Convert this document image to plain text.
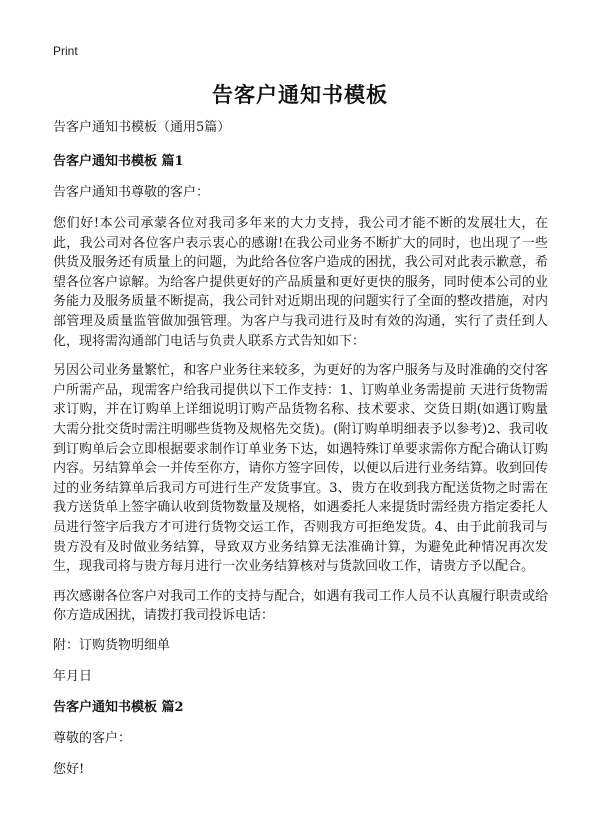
Print
告客户通知书模板
告客户通知书模板（通用5篇）
告客户通知书模板 篇1
告客户通知书尊敬的客户：
您们好!本公司承蒙各位对我司多年来的大力支持，我公司才能不断的发展壮大，在此，我公司对各位客户表示衷心的感谢!在我公司业务不断扩大的同时，也出现了一些供货及服务还有质量上的问题，为此给各位客户造成的困扰，我公司对此表示歉意，希望各位客户谅解。为给客户提供更好的产品质量和更好更快的服务，同时使本公司的业务能力及服务质量不断提高，我公司针对近期出现的问题实行了全面的整改措施，对内部管理及质量监管做加强管理。为客户与我司进行及时有效的沟通，实行了责任到人化，现将需沟通部门电话与负责人联系方式告知如下：
另因公司业务量繁忙，和客户业务往来较多，为更好的为客户服务与及时准确的交付客户所需产品，现需客户给我司提供以下工作支持：1、订购单业务需提前 天进行货物需求订购，并在订购单上详细说明订购产品货物名称、技术要求、交货日期(如遇订购量大需分批交货时需注明哪些货物及规格先交货)。(附订购单明细表予以参考)2、我司收到订购单后会立即根据要求制作订单业务下达，如遇特殊订单要求需你方配合确认订购内容。另结算单会一并传至你方，请你方签字回传，以便以后进行业务结算。收到回传过的业务结算单后我司方可进行生产发货事宜。3、贵方在收到我方配送货物之时需在我方送货单上签字确认收到货物数量及规格，如遇委托人来提货时需经贵方指定委托人员进行签字后我方才可进行货物交运工作，否则我方可拒绝发货。4、由于此前我司与贵方没有及时做业务结算，导致双方业务结算无法准确计算，为避免此种情况再次发生，现我司将与贵方每月进行一次业务结算核对与货款回收工作，请贵方予以配合。
再次感谢各位客户对我司工作的支持与配合，如遇有我司工作人员不认真履行职责或给你方造成困扰，请拨打我司投诉电话：
附：订购货物明细单
年月日
告客户通知书模板 篇2
尊敬的客户：
您好!
